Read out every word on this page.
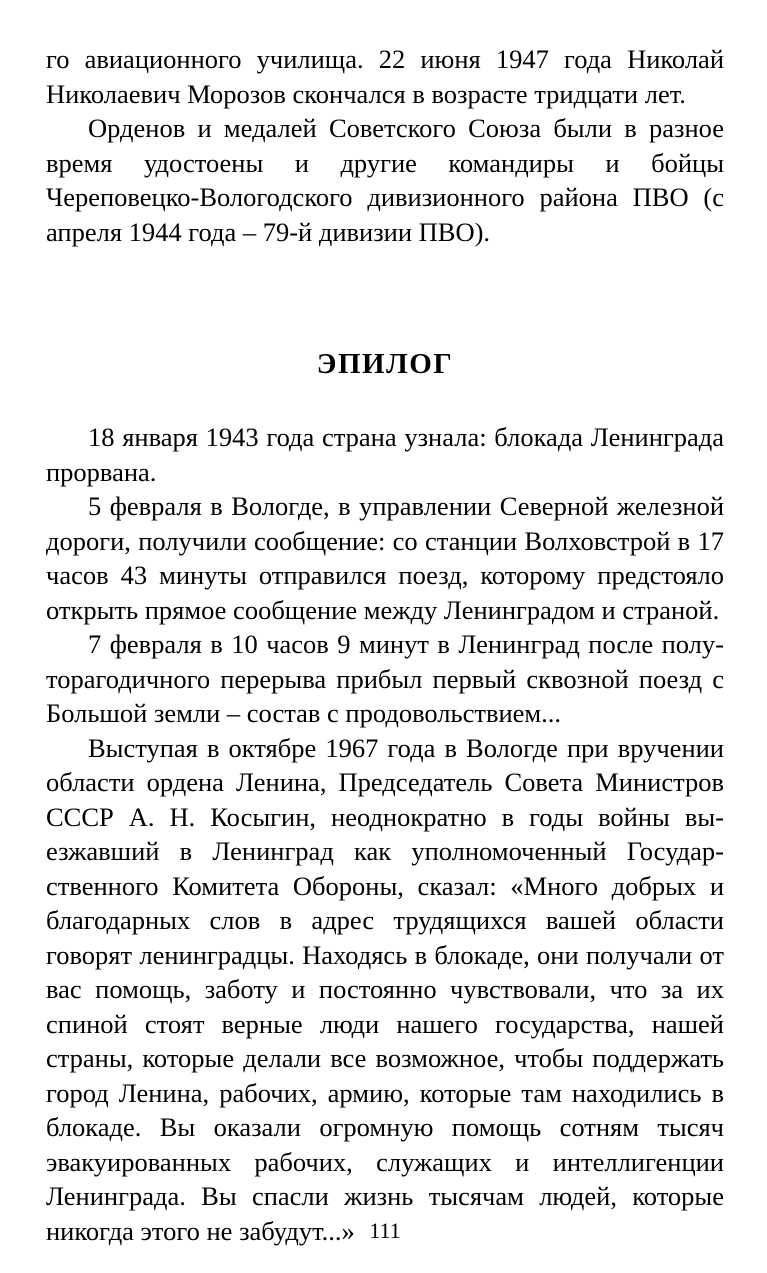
го авиационного училища. 22 июня 1947 года Николай Николаевич Морозов скончался в возрасте тридцати лет.

Орденов и медалей Советского Союза были в разное время удостоены и другие командиры и бойцы Череповецко-Вологодского дивизионного района ПВО (с апреля 1944 года – 79-й дивизии ПВО).

ЭПИЛОГ

18 января 1943 года страна узнала: блокада Ленинграда прорвана.

5 февраля в Вологде, в управлении Северной железной дороги, получили сообщение: со станции Волховстрой в 17 часов 43 минуты отправился поезд, которому предстояло открыть прямое сообщение между Ленинградом и страной.

7 февраля в 10 часов 9 минут в Ленинград после полуторагодичного перерыва прибыл первый сквозной поезд с Большой земли – состав с продовольствием...

Выступая в октябре 1967 года в Вологде при вручении области ордена Ленина, Председатель Совета Министров СССР А. Н. Косыгин, неоднократно в годы войны выезжавший в Ленинград как уполномоченный Государственного Комитета Обороны, сказал: «Много добрых и благодарных слов в адрес трудящихся вашей области говорят ленинградцы. Находясь в блокаде, они получали от вас помощь, заботу и постоянно чувствовали, что за их спиной стоят верные люди нашего государства, нашей страны, которые делали все возможное, чтобы поддержать город Ленина, рабочих, армию, которые там находились в блокаде. Вы оказали огромную помощь сотням тысяч эвакуированных рабочих, служащих и интеллигенции Ленинграда. Вы спасли жизнь тысячам людей, которые никогда этого не забудут...» 111
